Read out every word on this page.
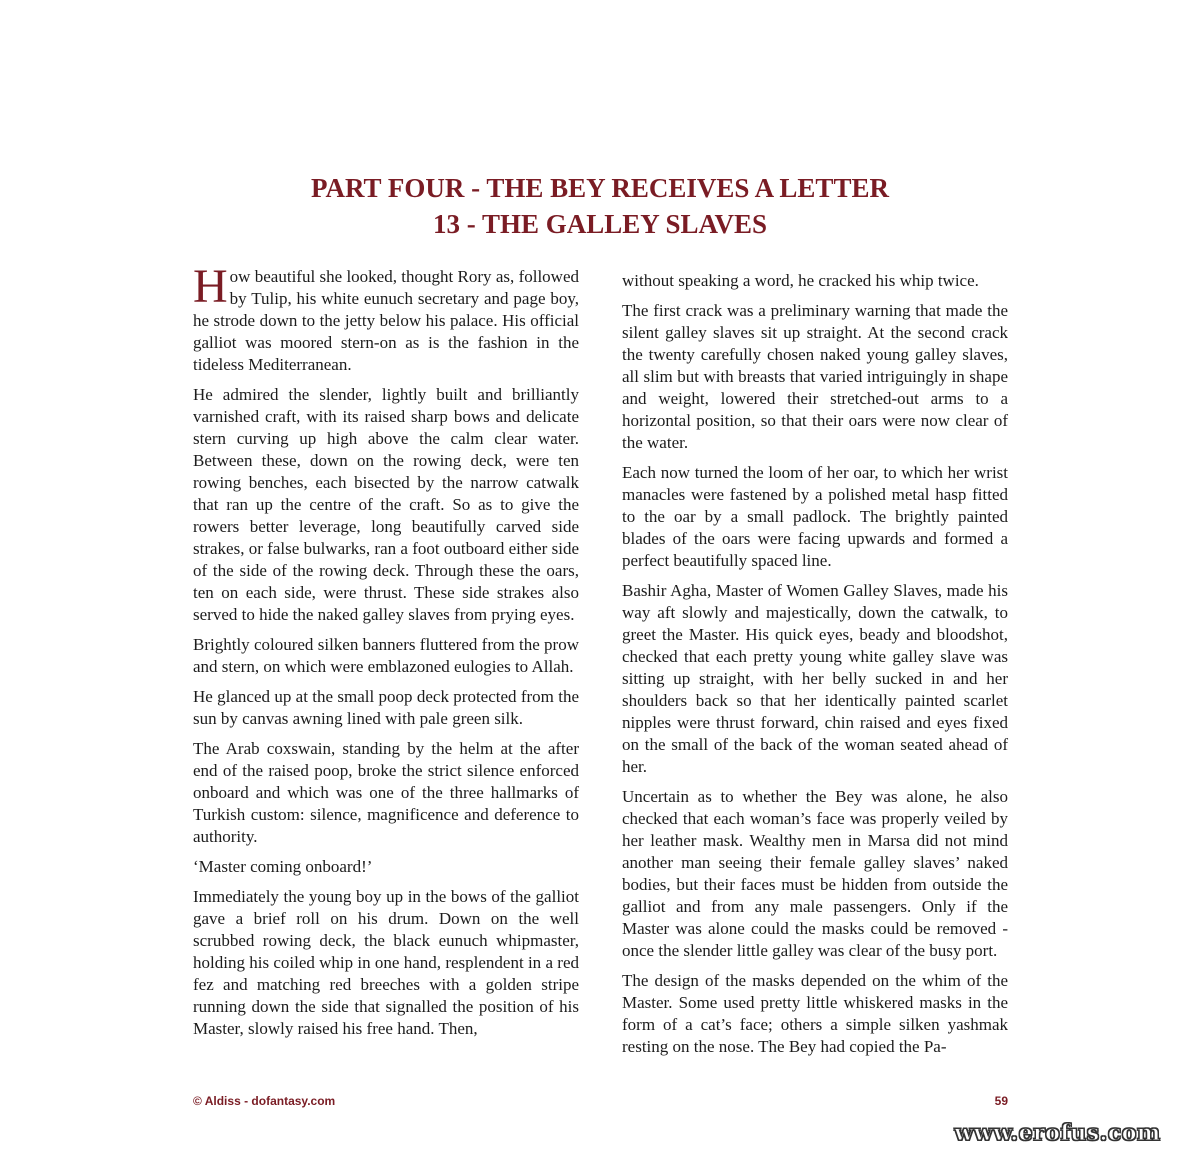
PART FOUR - THE BEY RECEIVES A LETTER
13 - THE GALLEY SLAVES

How beautiful she looked, thought Rory as, followed by Tulip, his white eunuch secretary and page boy, he strode down to the jetty below his palace. His official galliot was moored stern-on as is the fashion in the tideless Mediterranean.

He admired the slender, lightly built and brilliantly varnished craft, with its raised sharp bows and delicate stern curving up high above the calm clear water. Between these, down on the rowing deck, were ten rowing benches, each bisected by the narrow catwalk that ran up the centre of the craft. So as to give the rowers better leverage, long beautifully carved side strakes, or false bulwarks, ran a foot outboard either side of the side of the rowing deck. Through these the oars, ten on each side, were thrust. These side strakes also served to hide the naked galley slaves from prying eyes.

Brightly coloured silken banners fluttered from the prow and stern, on which were emblazoned eulogies to Allah.

He glanced up at the small poop deck protected from the sun by canvas awning lined with pale green silk.

The Arab coxswain, standing by the helm at the after end of the raised poop, broke the strict silence enforced onboard and which was one of the three hallmarks of Turkish custom: silence, magnificence and deference to authority.

‘Master coming onboard!’

Immediately the young boy up in the bows of the galliot gave a brief roll on his drum. Down on the well scrubbed rowing deck, the black eunuch whipmaster, holding his coiled whip in one hand, resplendent in a red fez and matching red breeches with a golden stripe running down the side that signalled the position of his Master, slowly raised his free hand. Then,

without speaking a word, he cracked his whip twice.

The first crack was a preliminary warning that made the silent galley slaves sit up straight. At the second crack the twenty carefully chosen naked young galley slaves, all slim but with breasts that varied intriguingly in shape and weight, lowered their stretched-out arms to a horizontal position, so that their oars were now clear of the water.

Each now turned the loom of her oar, to which her wrist manacles were fastened by a polished metal hasp fitted to the oar by a small padlock. The brightly painted blades of the oars were facing upwards and formed a perfect beautifully spaced line.

Bashir Agha, Master of Women Galley Slaves, made his way aft slowly and majestically, down the catwalk, to greet the Master. His quick eyes, beady and bloodshot, checked that each pretty young white galley slave was sitting up straight, with her belly sucked in and her shoulders back so that her identically painted scarlet nipples were thrust forward, chin raised and eyes fixed on the small of the back of the woman seated ahead of her.

Uncertain as to whether the Bey was alone, he also checked that each woman’s face was properly veiled by her leather mask. Wealthy men in Marsa did not mind another man seeing their female galley slaves’ naked bodies, but their faces must be hidden from outside the galliot and from any male passengers. Only if the Master was alone could the masks could be removed - once the slender little galley was clear of the busy port.

The design of the masks depended on the whim of the Master. Some used pretty little whiskered masks in the form of a cat’s face; others a simple silken yashmak resting on the nose. The Bey had copied the Pa-

© Aldiss - dofantasy.com	59
www.erofus.com
